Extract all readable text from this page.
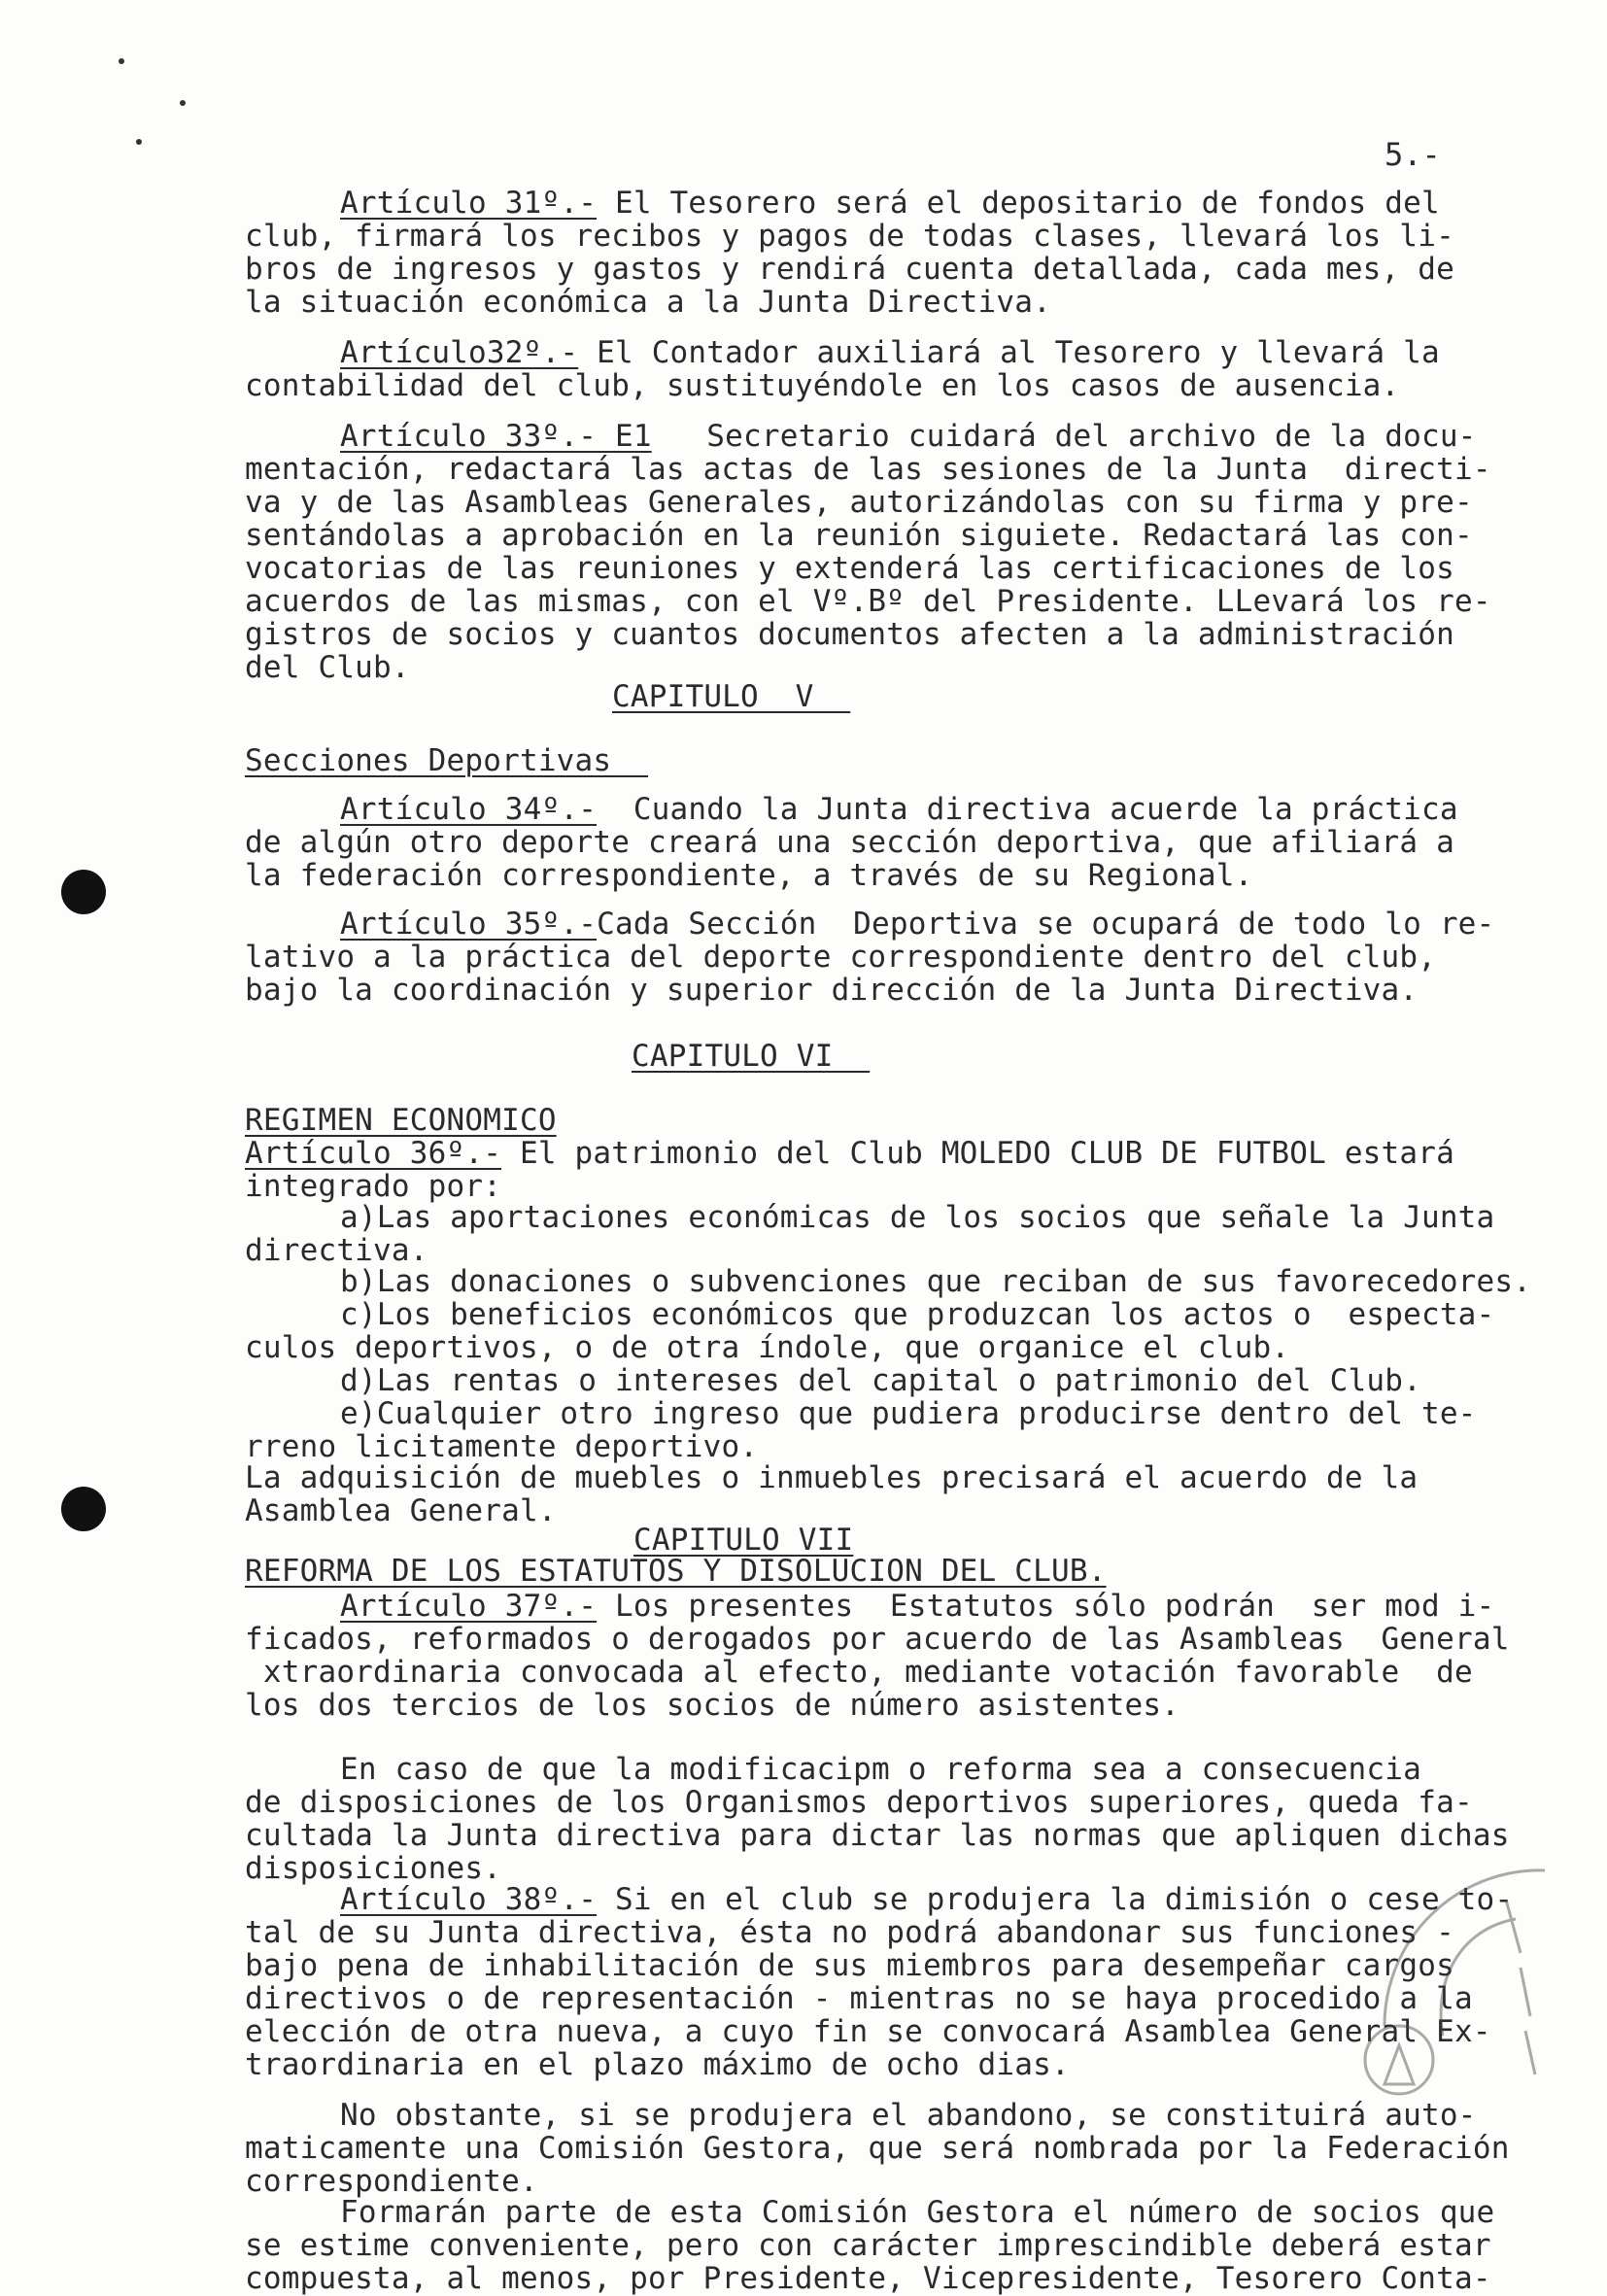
5.-
Artículo 31º.- El Tesorero será el depositario de fondos del
club, firmará los recibos y pagos de todas clases, llevará los li-
bros de ingresos y gastos y rendirá cuenta detallada, cada mes, de
la situación económica a la Junta Directiva.
Artículo32º.- El Contador auxiliará al Tesorero y llevará la
contabilidad del club, sustituyéndole en los casos de ausencia.
Artículo 33º.- E1   Secretario cuidará del archivo de la docu-
mentación, redactará las actas de las sesiones de la Junta  directi-
va y de las Asambleas Generales, autorizándolas con su firma y pre-
sentándolas a aprobación en la reunión siguiete. Redactará las con-
vocatorias de las reuniones y extenderá las certificaciones de los
acuerdos de las mismas, con el Vº.Bº del Presidente. LLevará los re-
gistros de socios y cuantos documentos afecten a la administración
del Club.
CAPITULO  V
Secciones Deportivas
Artículo 34º.-  Cuando la Junta directiva acuerde la práctica
de algún otro deporte creará una sección deportiva, que afiliará a
la federación correspondiente, a través de su Regional.
Artículo 35º.-Cada Sección  Deportiva se ocupará de todo lo re-
lativo a la práctica del deporte correspondiente dentro del club,
bajo la coordinación y superior dirección de la Junta Directiva.
CAPITULO VI
REGIMEN ECONOMICO
Artículo 36º.- El patrimonio del Club MOLEDO CLUB DE FUTBOL estará
integrado por:
a)Las aportaciones económicas de los socios que señale la Junta
directiva.
b)Las donaciones o subvenciones que reciban de sus favorecedores.
c)Los beneficios económicos que produzcan los actos o  especta-
culos deportivos, o de otra índole, que organice el club.
d)Las rentas o intereses del capital o patrimonio del Club.
e)Cualquier otro ingreso que pudiera producirse dentro del te-
rreno licitamente deportivo.
La adquisición de muebles o inmuebles precisará el acuerdo de la
Asamblea General.
CAPITULO VII
REFORMA DE LOS ESTATUTOS Y DISOLUCION DEL CLUB.
Artículo 37º.- Los presentes  Estatutos sólo podrán  ser mod i-
ficados, reformados o derogados por acuerdo de las Asambleas  General
xtraordinaria convocada al efecto, mediante votación favorable  de
los dos tercios de los socios de número asistentes.
En caso de que la modificacipm o reforma sea a consecuencia
de disposiciones de los Organismos deportivos superiores, queda fa-
cultada la Junta directiva para dictar las normas que apliquen dichas
disposiciones.
Artículo 38º.- Si en el club se produjera la dimisión o cese to-
tal de su Junta directiva, ésta no podrá abandonar sus funciones -
bajo pena de inhabilitación de sus miembros para desempeñar cargos
directivos o de representación - mientras no se haya procedido a la
elección de otra nueva, a cuyo fin se convocará Asamblea General Ex-
traordinaria en el plazo máximo de ocho dias.
No obstante, si se produjera el abandono, se constituirá auto-
maticamente una Comisión Gestora, que será nombrada por la Federación
correspondiente.
Formarán parte de esta Comisión Gestora el número de socios que
se estime conveniente, pero con carácter imprescindible deberá estar
compuesta, al menos, por Presidente, Vicepresidente, Tesorero Conta-
